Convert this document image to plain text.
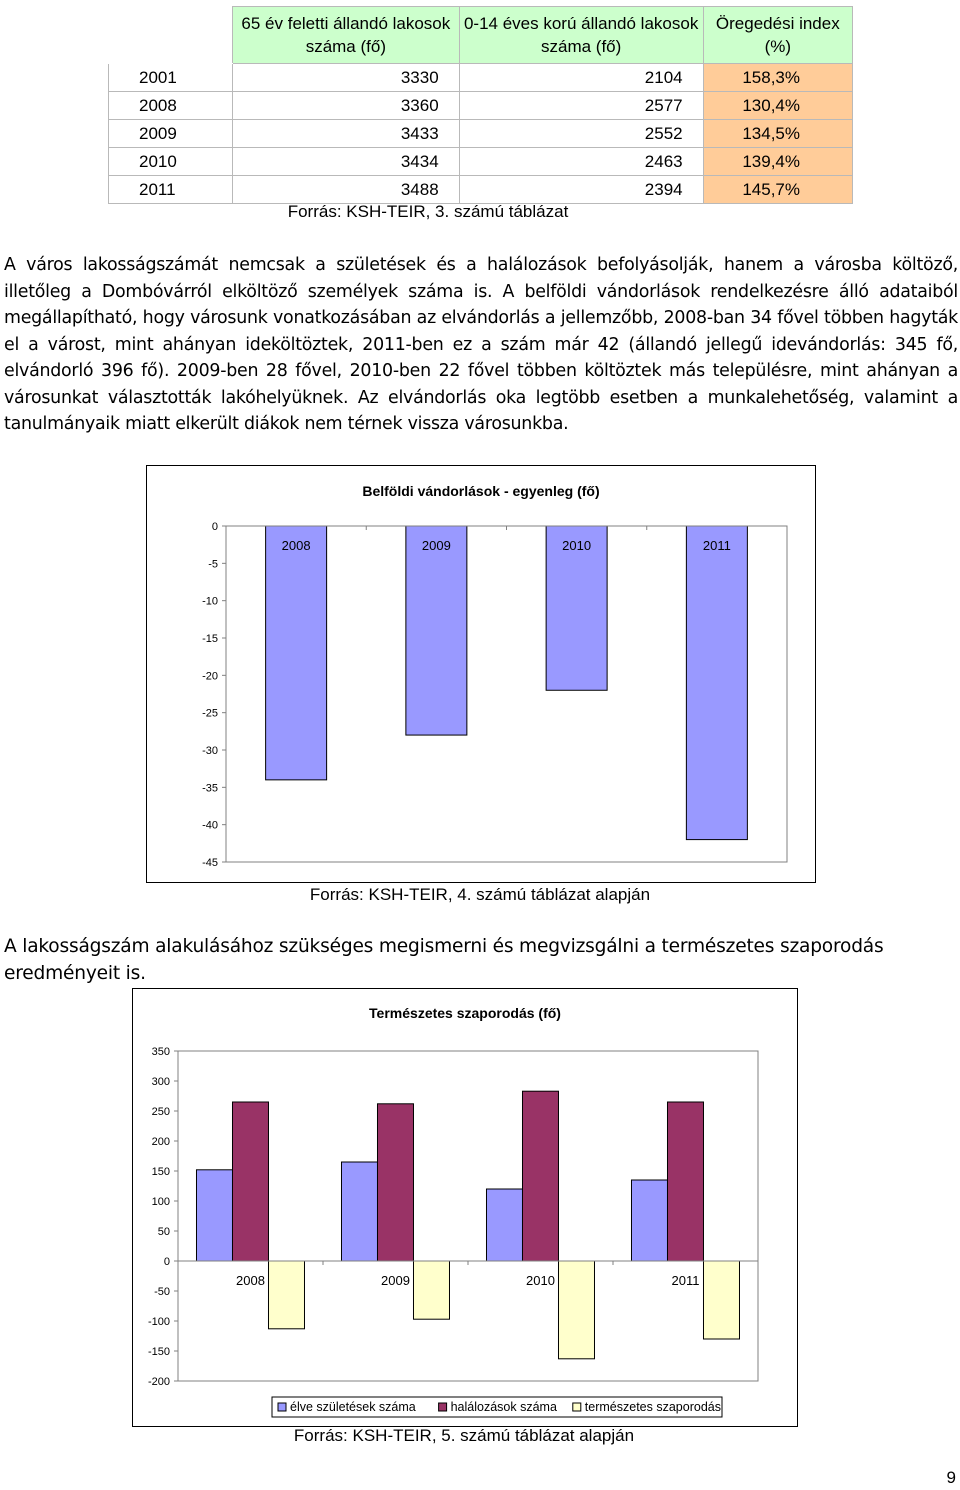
	65 év feletti állandó lakosok száma (fő)	0-14 éves korú állandó lakosok száma (fő)	Öregedési index (%)
2001	3330	2104	158,3%
2008	3360	2577	130,4%
2009	3433	2552	134,5%
2010	3434	2463	139,4%
2011	3488	2394	145,7%
Forrás: KSH-TEIR, 3. számú táblázat
A város lakosságszámát nemcsak a születések és a halálozások befolyásolják, hanem a városba költöző, illetőleg a Dombóvárról elköltöző személyek száma is. A belföldi vándorlások rendelkezésre álló adataiból megállapítható, hogy városunk vonatkozásában az elvándorlás a jellemzőbb, 2008-ban 34 fővel többen hagyták el a várost, mint ahányan ideköltöztek, 2011-ben ez a szám már 42 (állandó jellegű idevándorlás: 345 fő, elvándorló 396 fő). 2009-ben 28 fővel, 2010-ben 22 fővel többen költöztek más településre, mint ahányan a városunkat választották lakóhelyüknek. Az elvándorlás oka legtöbb esetben a munkalehetőség, valamint a tanulmányaik miatt elkerült diákok nem térnek vissza városunkba.
Belföldi vándorlások - egyenleg (fő)
0
-5
-10
-15
-20
-25
-30
-35
-40
-45
2008	2009	2010	2011
Forrás: KSH-TEIR, 4. számú táblázat alapján
A lakosságszám alakulásához szükséges megismerni és megvizsgálni a természetes szaporodás eredményeit is.
Természetes szaporodás (fő)
350
300
250
200
150
100
50
0
-50
-100
-150
-200
2008	2009	2010	2011
élve születések száma	halálozások száma természetes szaporodás
Forrás: KSH-TEIR, 5. számú táblázat alapján
9
